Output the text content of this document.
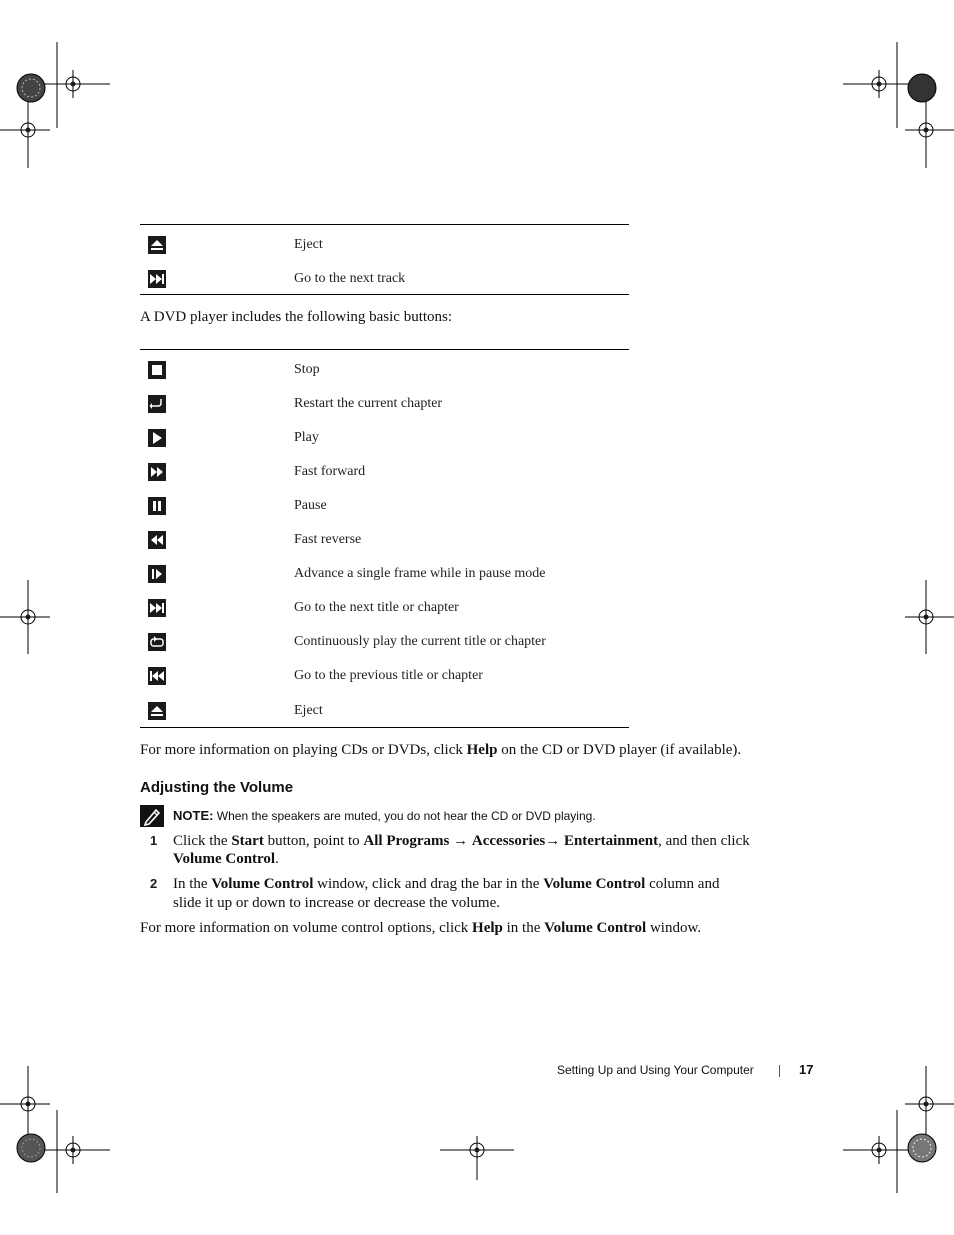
Eject
Go to the next track
A DVD player includes the following basic buttons:
Stop
Restart the current chapter
Play
Fast forward
Pause
Fast reverse
Advance a single frame while in pause mode
Go to the next title or chapter
Continuously play the current title or chapter
Go to the previous title or chapter
Eject
For more information on playing CDs or DVDs, click Help on the CD or DVD player (if available).
Adjusting the Volume
NOTE: When the speakers are muted, you do not hear the CD or DVD playing.
1 Click the Start button, point to All Programs → Accessories→ Entertainment, and then click
Volume Control.
2 In the Volume Control window, click and drag the bar in the Volume Control column and
slide it up or down to increase or decrease the volume.
For more information on volume control options, click Help in the Volume Control window.
Setting Up and Using Your Computer	17
